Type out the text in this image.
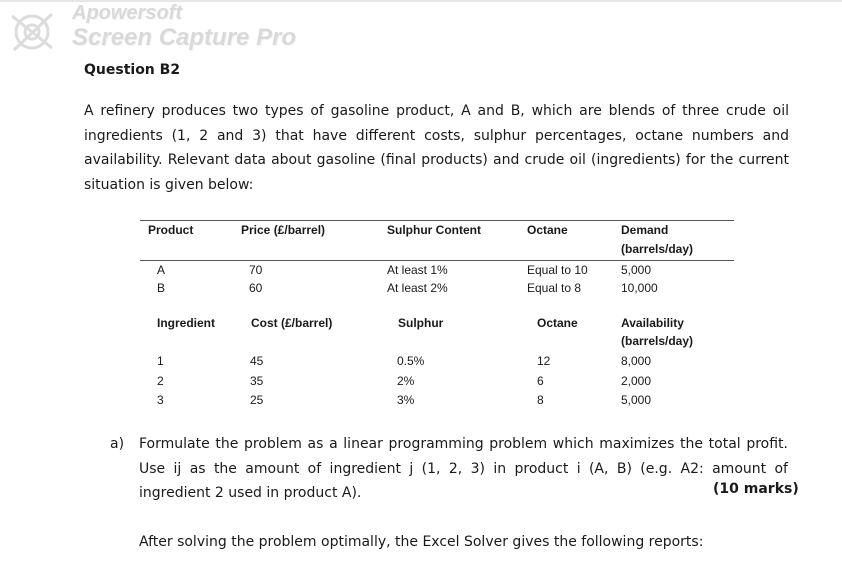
Apowersoft
Screen Capture Pro
Question B2

A refinery produces two types of gasoline product, A and B, which are blends of three crude oil ingredients (1, 2 and 3) that have different costs, sulphur percentages, octane numbers and availability. Relevant data about gasoline (final products) and crude oil (ingredients) for the current situation is given below:

Product	Price (£/barrel)	Sulphur Content	Octane	Demand
(barrels/day)
A	70	At least 1%	Equal to 10	5,000
B	60	At least 2%	Equal to 8	10,000
Ingredient	Cost (£/barrel)	Sulphur	Octane	Availability
(barrels/day)
1	45	0.5%	12	8,000
2	35	2%	6	2,000
3	25	3%	8	5,000
a) Formulate the problem as a linear programming problem which maximizes the total profit. Use ij as the amount of ingredient j (1, 2, 3) in product i (A, B) (e.g. A2: amount of ingredient 2 used in product A).	(10 marks)
After solving the problem optimally, the Excel Solver gives the following reports:
